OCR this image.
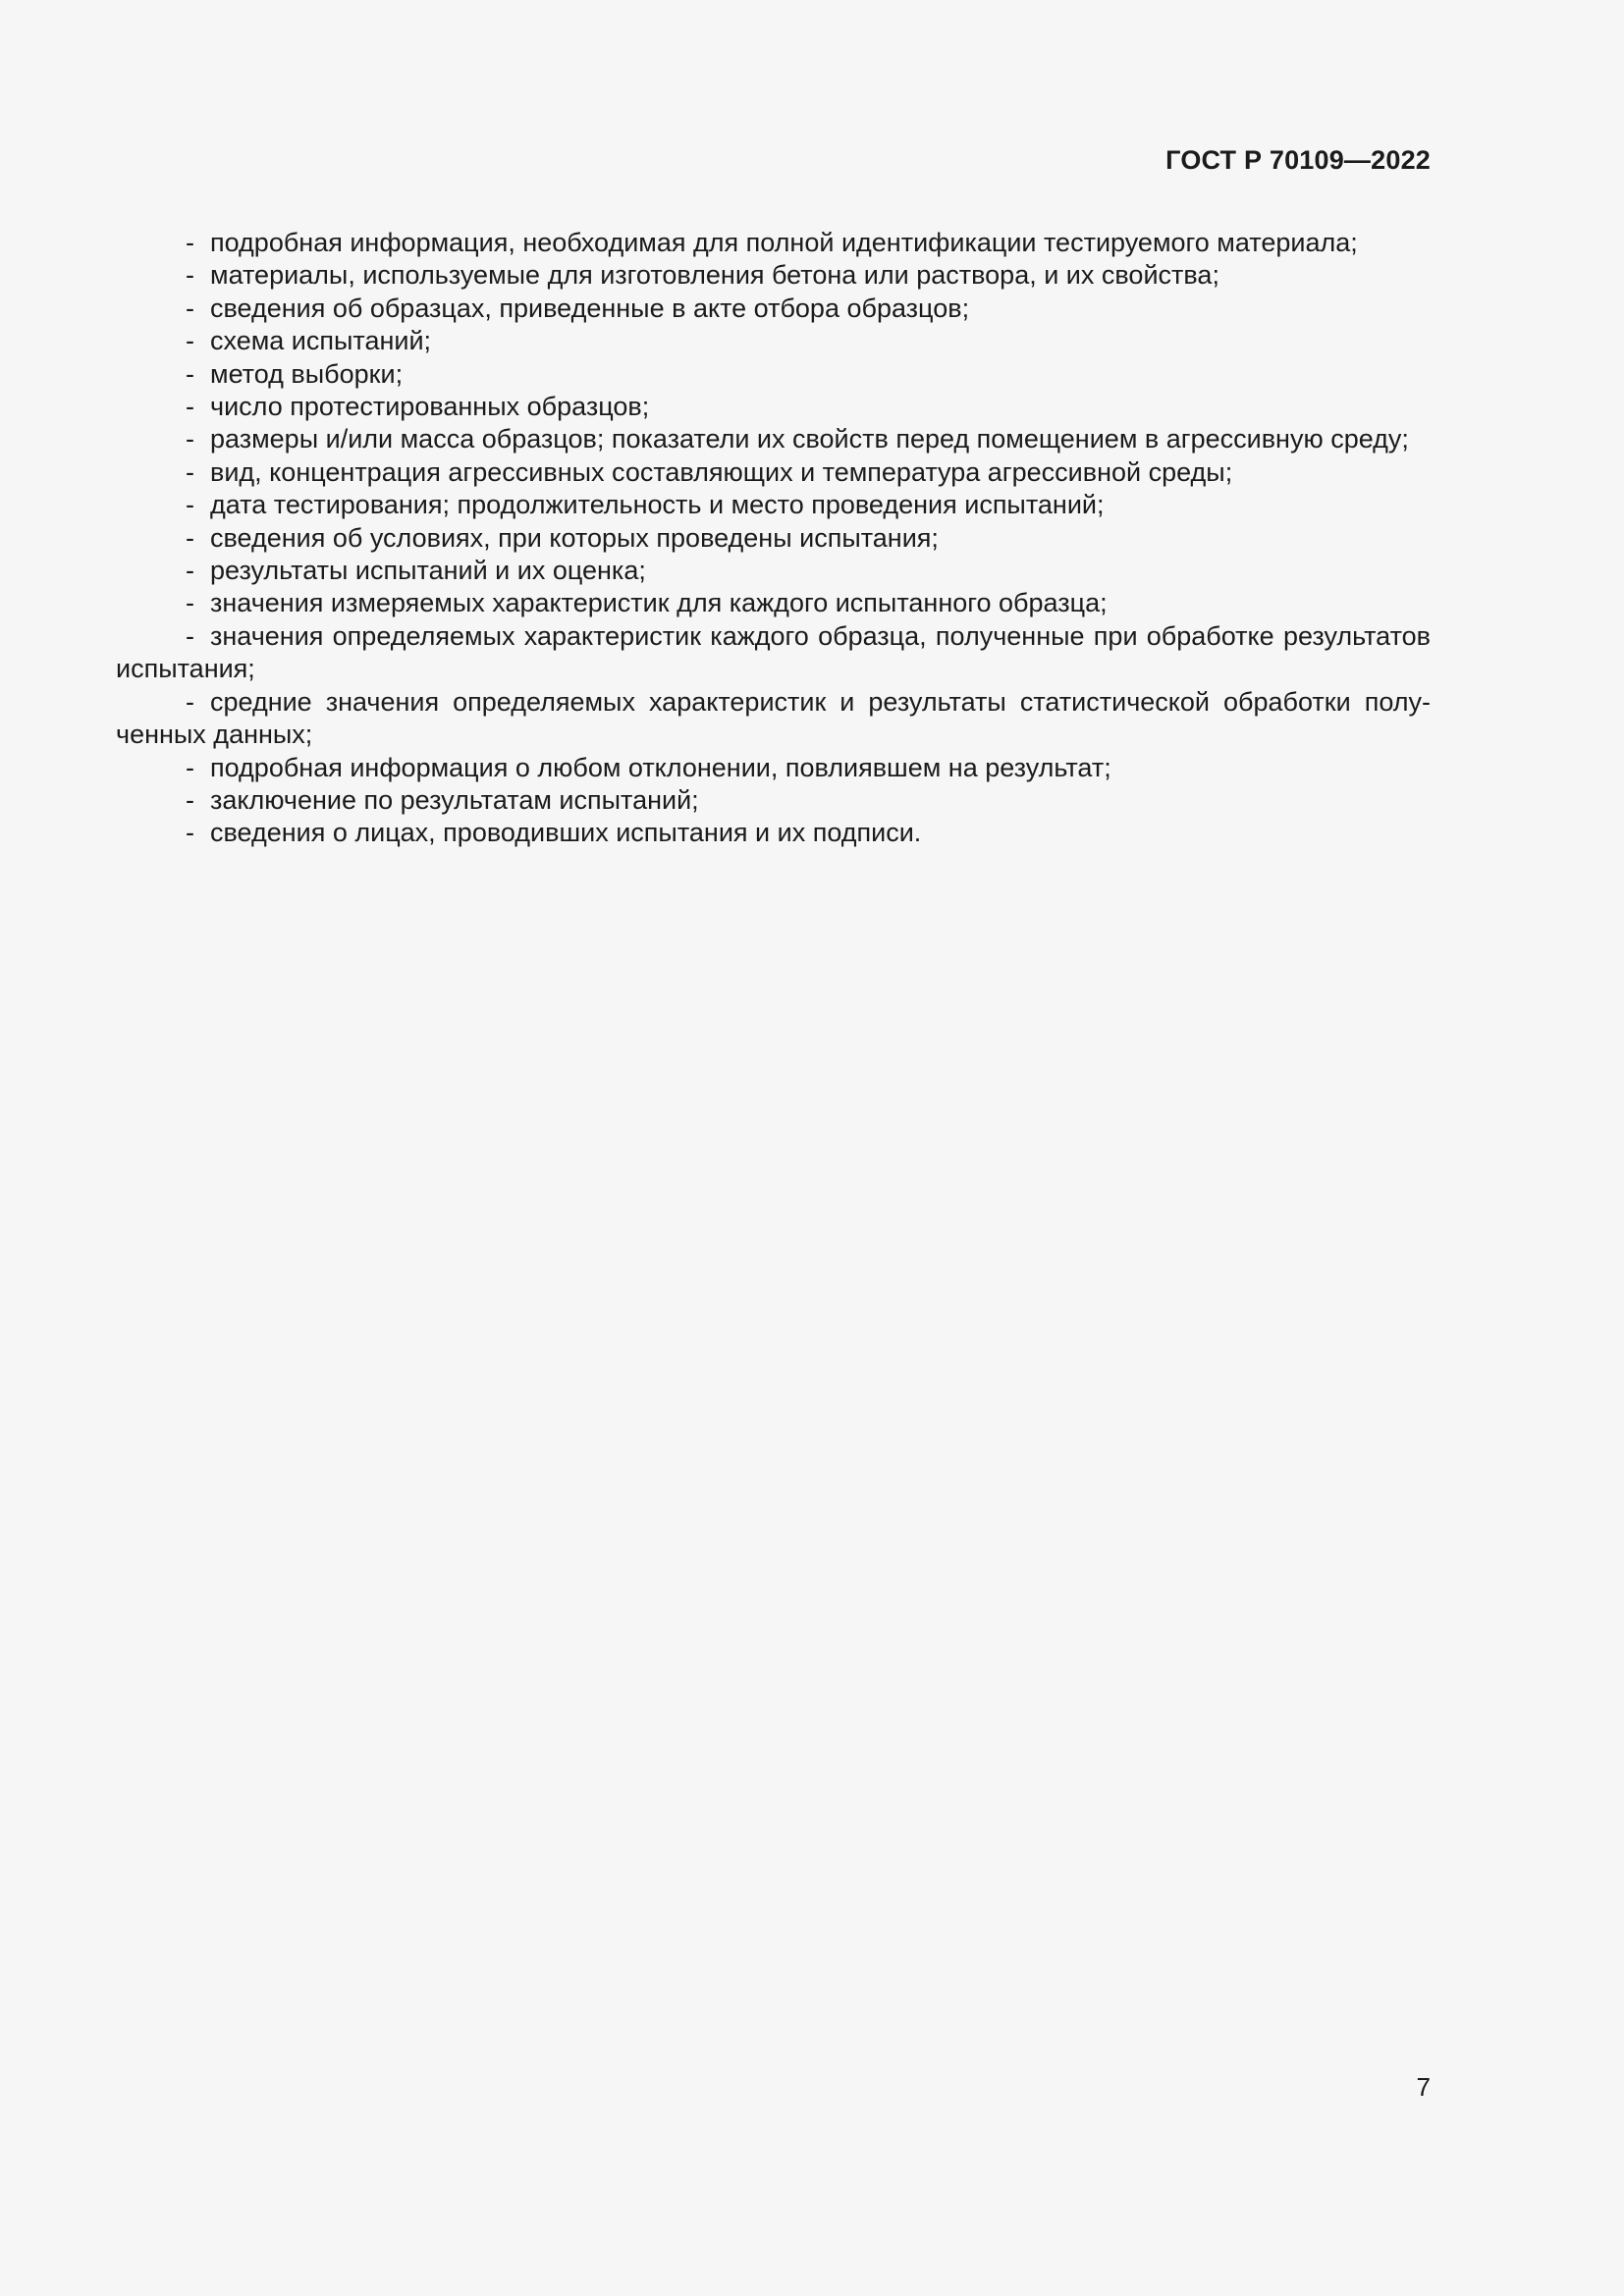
ГОСТ Р 70109—2022
- подробная информация, необходимая для полной идентификации тестируемого материала;
- материалы, используемые для изготовления бетона или раствора, и их свойства;
- сведения об образцах, приведенные в акте отбора образцов;
- схема испытаний;
- метод выборки;
- число протестированных образцов;
- размеры и/или масса образцов; показатели их свойств перед помещением в агрессивную среду;
- вид, концентрация агрессивных составляющих и температура агрессивной среды;
- дата тестирования; продолжительность и место проведения испытаний;
- сведения об условиях, при которых проведены испытания;
- результаты испытаний и их оценка;
- значения измеряемых характеристик для каждого испытанного образца;
- значения определяемых характеристик каждого образца, полученные при обработке результатов испытания;
- средние значения определяемых характеристик и результаты статистической обработки полученных данных;
- подробная информация о любом отклонении, повлиявшем на результат;
- заключение по результатам испытаний;
- сведения о лицах, проводивших испытания и их подписи.
7
